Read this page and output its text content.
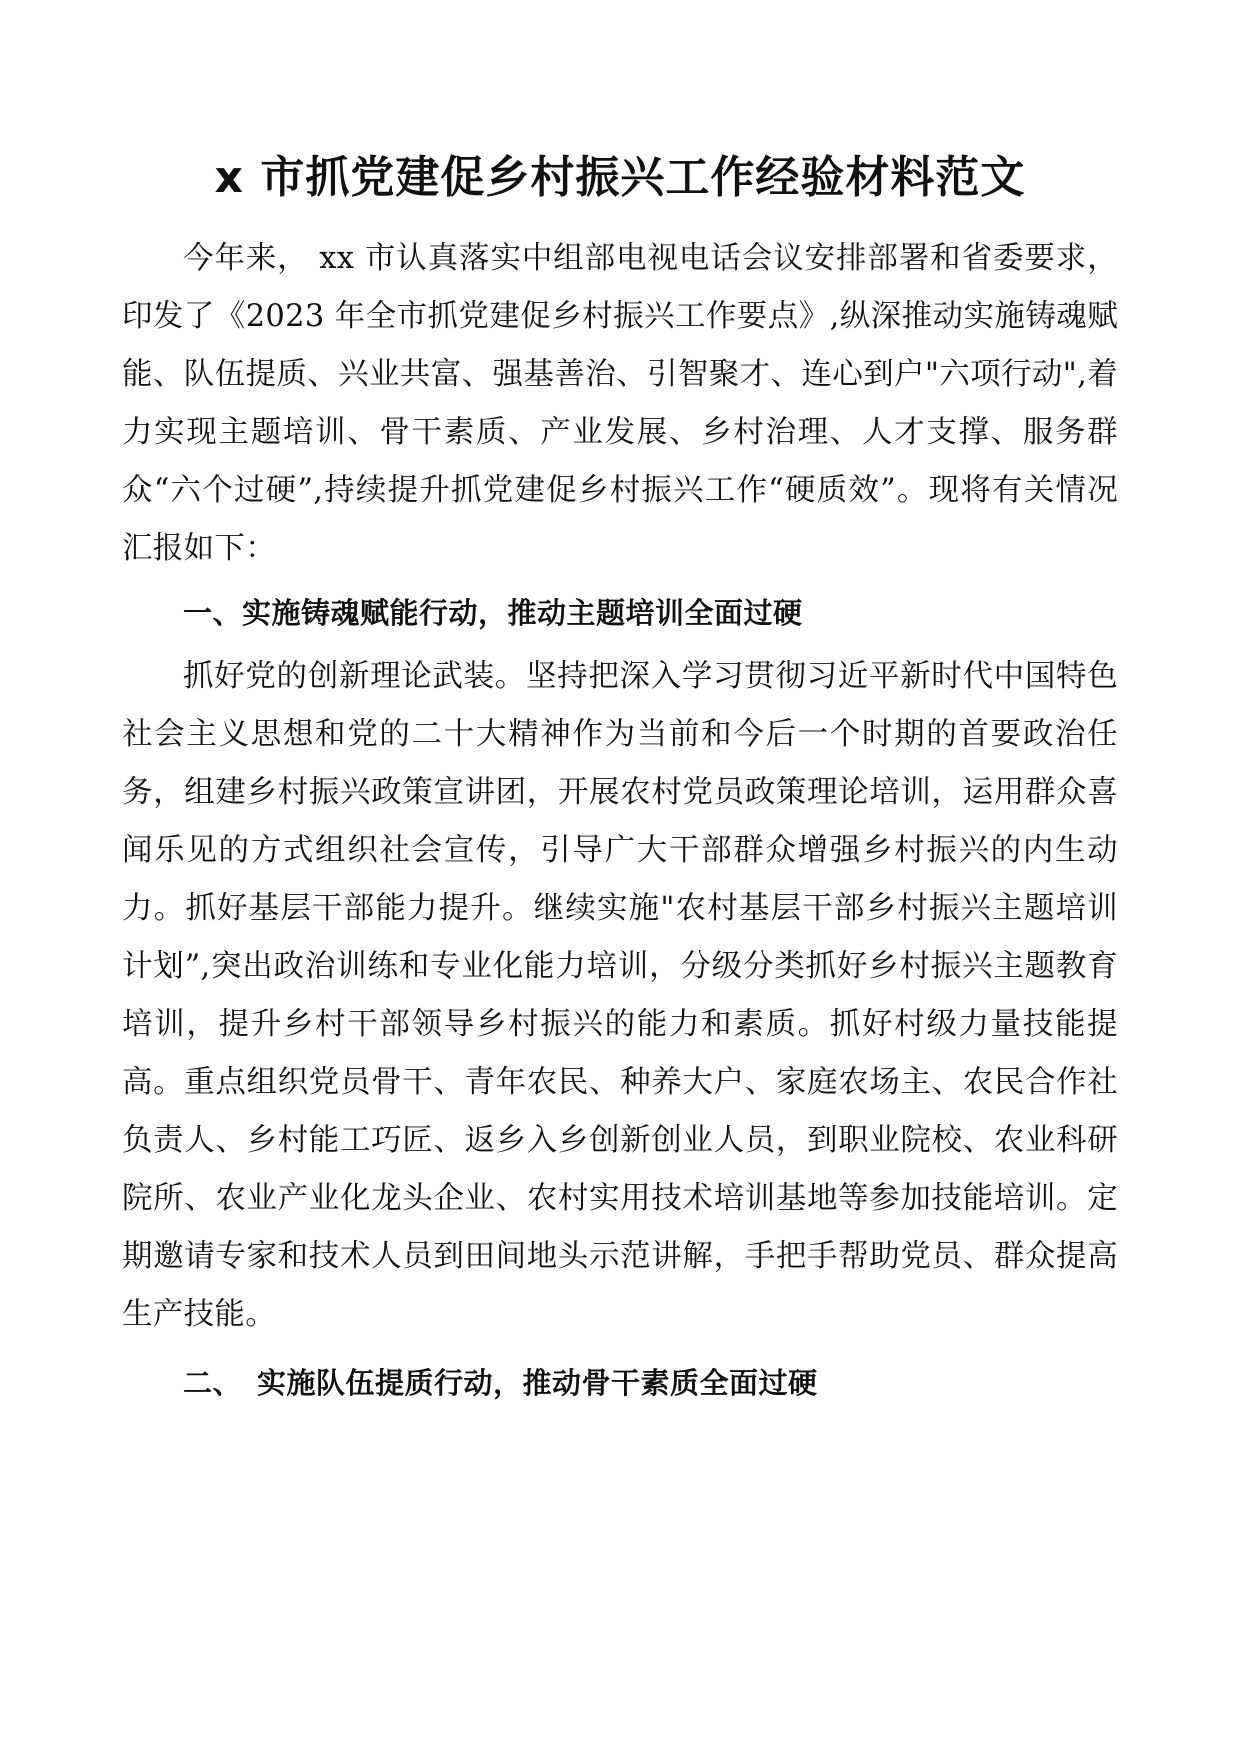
x 市抓党建促乡村振兴工作经验材料范文

今年来， xx 市认真落实中组部电视电话会议安排部署和省委要求，印发了《2023 年全市抓党建促乡村振兴工作要点》,纵深推动实施铸魂赋能、队伍提质、兴业共富、强基善治、引智聚才、连心到户"六项行动",着力实现主题培训、骨干素质、产业发展、乡村治理、人才支撑、服务群众“六个过硬”,持续提升抓党建促乡村振兴工作“硬质效”。现将有关情况汇报如下：

一、实施铸魂赋能行动，推动主题培训全面过硬

抓好党的创新理论武装。坚持把深入学习贯彻习近平新时代中国特色社会主义思想和党的二十大精神作为当前和今后一个时期的首要政治任务，组建乡村振兴政策宣讲团，开展农村党员政策理论培训，运用群众喜闻乐见的方式组织社会宣传，引导广大干部群众增强乡村振兴的内生动力。抓好基层干部能力提升。继续实施"农村基层干部乡村振兴主题培训计划”,突出政治训练和专业化能力培训，分级分类抓好乡村振兴主题教育培训，提升乡村干部领导乡村振兴的能力和素质。抓好村级力量技能提高。重点组织党员骨干、青年农民、种养大户、家庭农场主、农民合作社负责人、乡村能工巧匠、返乡入乡创新创业人员，到职业院校、农业科研院所、农业产业化龙头企业、农村实用技术培训基地等参加技能培训。定期邀请专家和技术人员到田间地头示范讲解，手把手帮助党员、群众提高生产技能。

二、　实施队伍提质行动，推动骨干素质全面过硬
